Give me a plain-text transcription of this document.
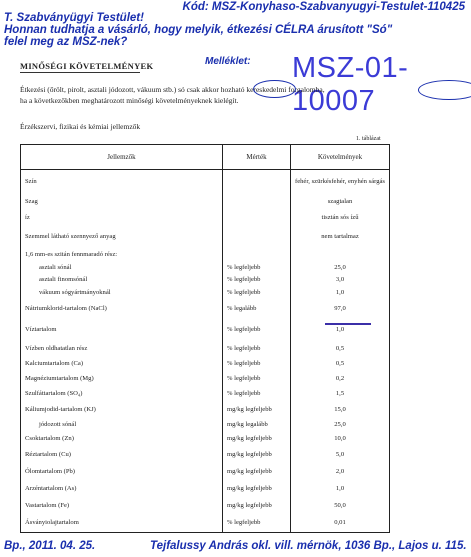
Kód: MSZ-Konyhaso-Szabvanyugyi-Testulet-110425
T. Szabványügyi Testület!
Honnan tudhatja a vásárló, hogy melyik, étkezési CÉLRA árusított "Só"
felel meg az MSZ-nek?
Melléklet: MSZ-01-10007
MINŐSÉGI KÖVETELMÉNYEK
Étkezési (őrölt, pirolt, asztali jódozott, vákuum stb.) só csak akkor hozható kereskedelmi forgalomba,
ha a következőkben meghatározott minőségi követelményeknek kielégít.
Érzékszervi, fizikai és kémiai jellemzők
1. táblázat
Jellemzők	Mérték	Követelmények
Szín		fehér, szürkésfehér, enyhén sárgás
Szag		szagtalan
íz		tisztán sós ízű
Szemmel látható szennyező anyag		nem tartalmaz
1,6 mm-es szitán fennmaradó rész:		
asztali sónál	% legfeljebb	25,0
asztali finomsónál	% legfeljebb	3,0
vákuum sógyártmányoknál	% legfeljebb	1,0
Nátriumklorid-tartalom (NaCl)	% legalább	97,0
Víztartalom	% legfeljebb	1,0
Vízben oldhatatlan rész	% legfeljebb	0,5
Kalciumtartalom (Ca)	% legfeljebb	0,5
Magnéziumtartalom (Mg)	% legfeljebb	0,2
Szulfáttartalom (SO₄)	% legfeljebb	1,5
Káliumjodid-tartalom (KJ)	mg/kg legfeljebb	15,0
jódozott sónál	mg/kg legalább	25,0
Csoktartalom (Zn)	mg/kg legfeljebb	10,0
Réztartalom (Cu)	mg/kg legfeljebb	5,0
Ólomtartalom (Pb)	mg/kg legfeljebb	2,0
Arzéntartalom (As)	mg/kg legfeljebb	1,0
Vastartalom (Fe)	mg/kg legfeljebb	50,0
Ásványiolajtartalom	% legfeljebb	0,01
Bp., 2011. 04. 25.	Tejfalussy András okl. vill. mérnök, 1036 Bp., Lajos u. 115.
